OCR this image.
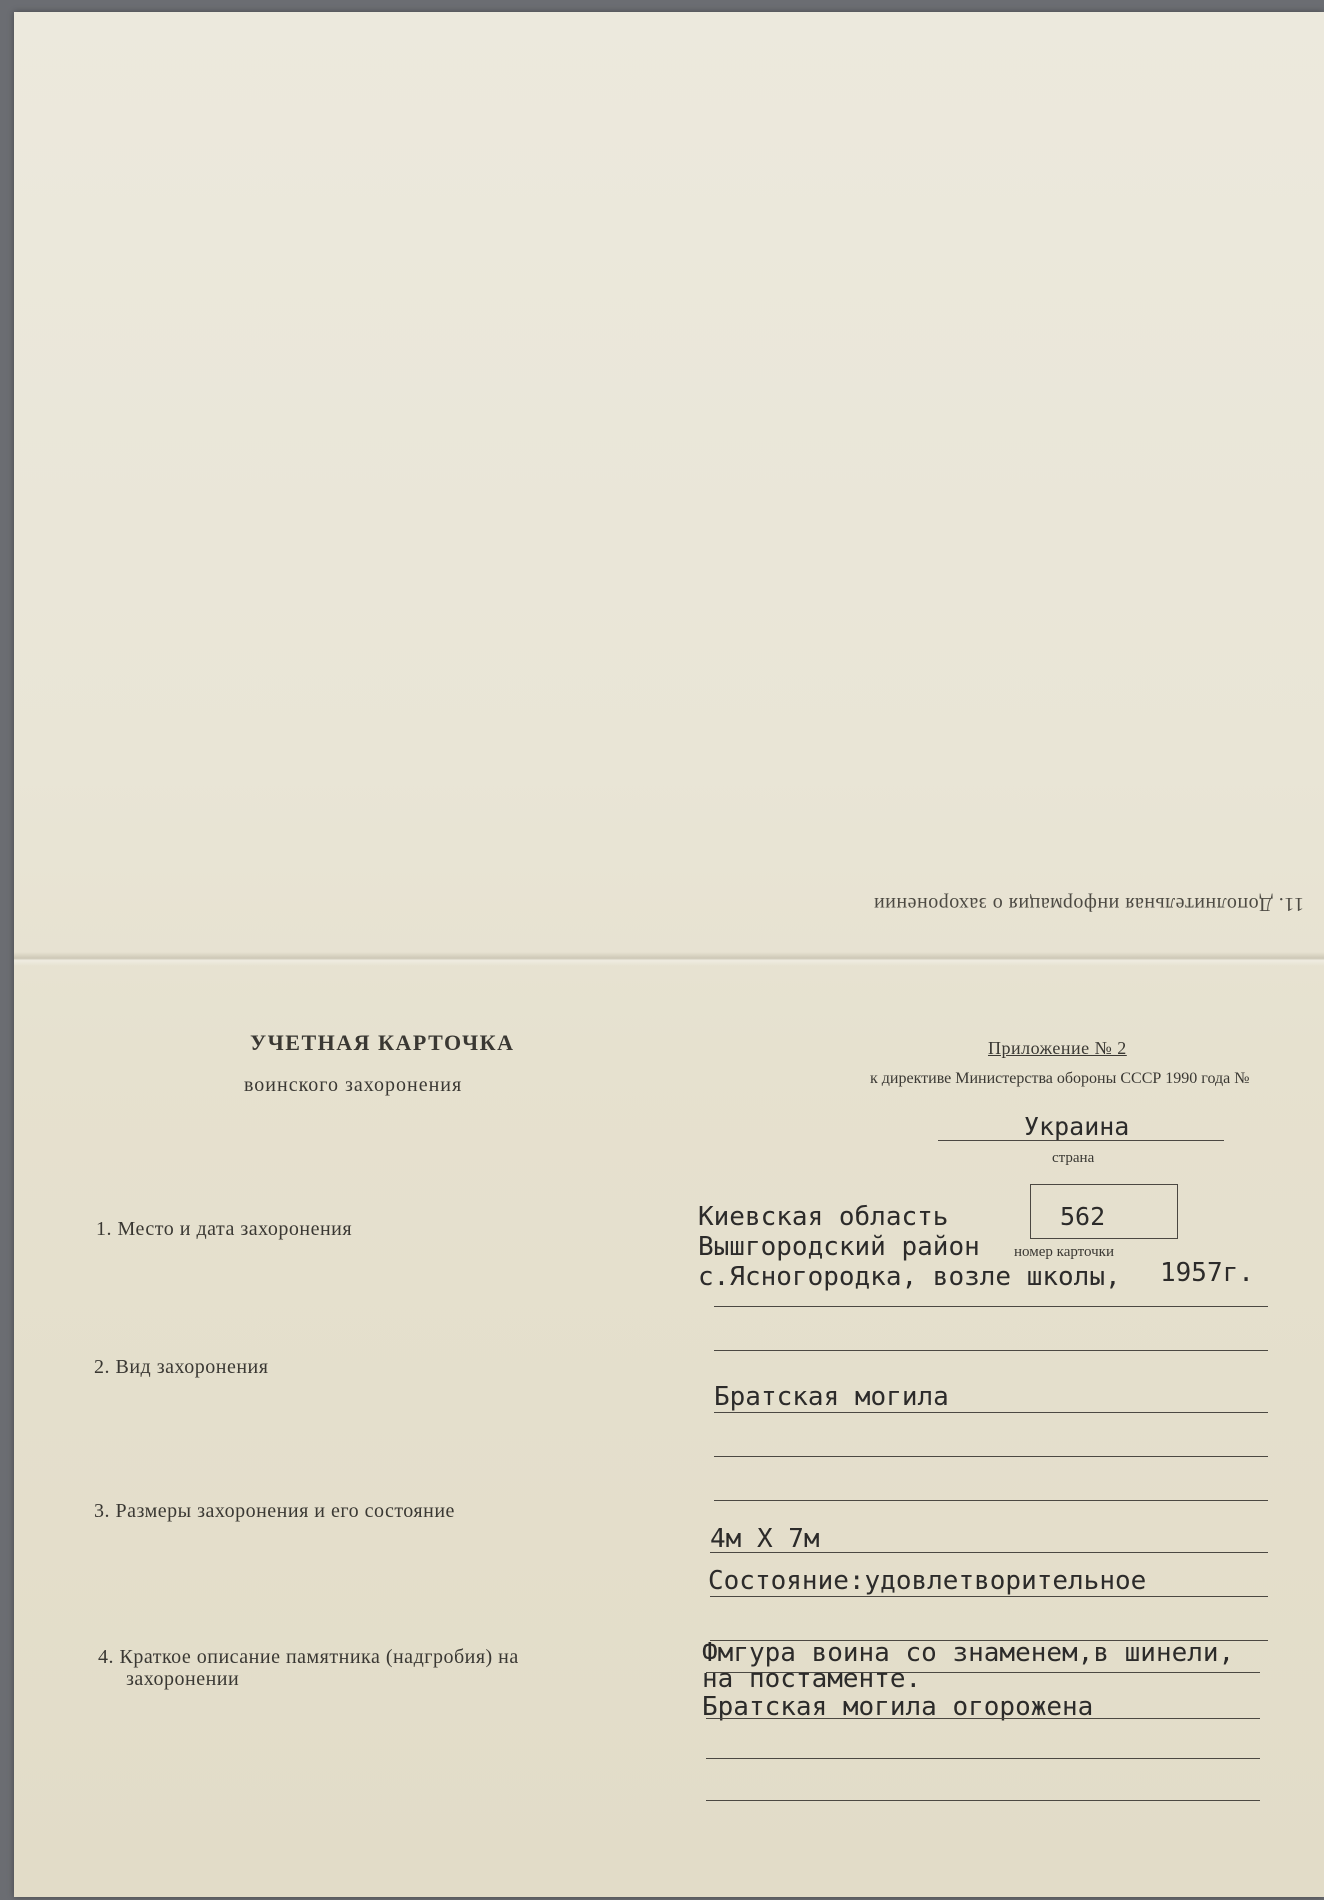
11. Дополнительная информация о захоронении
УЧЕТНАЯ КАРТОЧКА
воинского захоронения
Приложение № 2
к директиве Министерства обороны СССР 1990 года №
Украина
страна
562
1. Место и дата захоронения	Киевская область
Вышгородский район номер карточки
с.Ясногородка, возле школы, 1957г.
2. Вид захоронения
Братская могила
3. Размеры захоронения и его состояние
4м Х 7м
Состояние:удовлетворительное
4. Краткое описание памятника (надгробия) на
захоронении
Фмгура воина со знаменем,в шинели,
на постаменте.
Братская могила огорожена
